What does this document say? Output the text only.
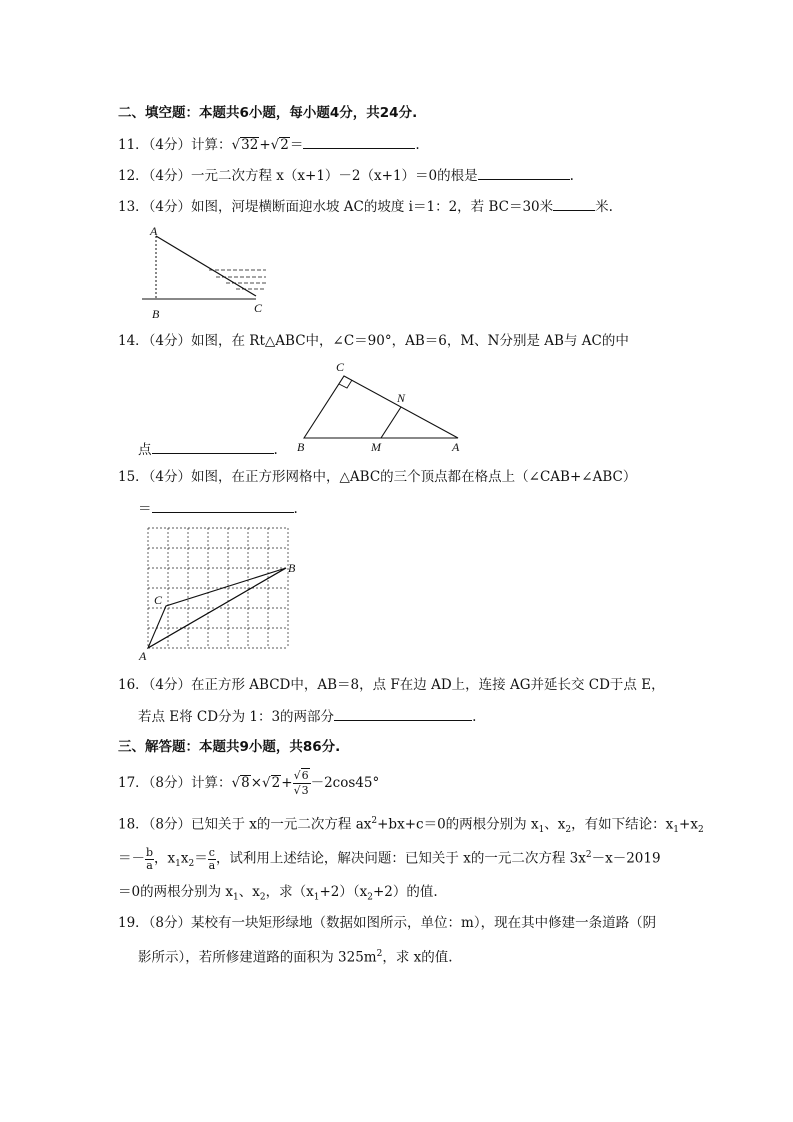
二、填空题：本题共6小题，每小题4分，共24分.
11．（4分）计算：√32+√2＝	.
12．（4分）一元二次方程 x（x+1）－2（x+1）＝0的根是	.
13．（4分）如图，河堤横断面迎水坡 AC的坡度 i＝1：2，若 BC＝30米	米.
A
B	C
14．（4分）如图，在 Rt△ABC中，∠C＝90°，AB＝6，M、N分别是 AB与 AC的中
C
N
B	M	A
点	.
15．（4分）如图，在正方形网格中，△ABC的三个顶点都在格点上（∠CAB+∠ABC）
＝	.
A
B
C
16．（4分）在正方形 ABCD中，AB＝8，点 F在边 AD上，连接 AG并延长交 CD于点 E，
若点 E将 CD分为 1：3的两部分	.
三、解答题：本题共9小题，共86分.
17．（8分）计算：$√8\times√2+ \frac{√6}{√3} -2\cos 45^\circ$
18．（8分）已知关于 x的一元二次方程 $ax^2+bx+c=0$的两根分别为 $x_1$、$x_2$，有如下结论：$x_1+x_2$
＝－ $\frac{b}{a}$ ，$x_1x_2= \frac{c}{a}$ ，试利用上述结论，解决问题：已知关于 x的一元二次方程 $3x^2-x-2019$
＝0的两根分别为 $x_1$、$x_2$，求$(x_1+2)(x_2+2)$的值.
19．（8分）某校有一块矩形绿地（数据如图所示，单位：m），现在其中修建一条道路（阴
影所示），若所修建道路的面积为 $325m^2$，求 x的值.
